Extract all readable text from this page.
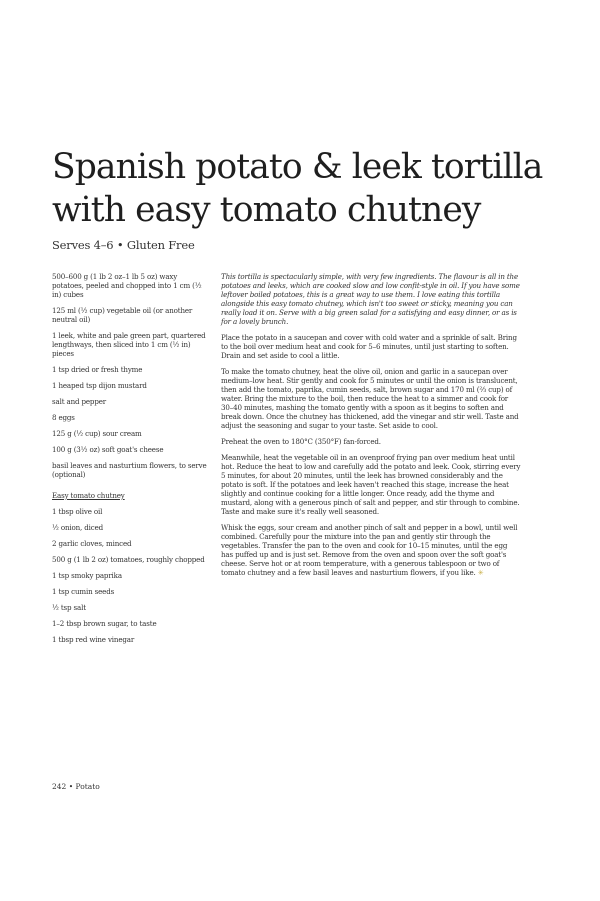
Spanish potato & leek tortilla
with easy tomato chutney
Serves 4–6 • Gluten Free

500–600 g (1 lb 2 oz–1 lb 5 oz) waxy potatoes, peeled and chopped into 1 cm (½ in) cubes

125 ml (½ cup) vegetable oil (or another neutral oil)

1 leek, white and pale green part, quartered lengthways, then sliced into 1 cm (½ in) pieces

1 tsp dried or fresh thyme

1 heaped tsp dijon mustard

salt and pepper

8 eggs

125 g (½ cup) sour cream

100 g (3½ oz) soft goat's cheese

basil leaves and nasturtium flowers, to serve (optional)

Easy tomato chutney

1 tbsp olive oil

½ onion, diced

2 garlic cloves, minced

500 g (1 lb 2 oz) tomatoes, roughly chopped

1 tsp smoky paprika

1 tsp cumin seeds

½ tsp salt

1–2 tbsp brown sugar, to taste

1 tbsp red wine vinegar

This tortilla is spectacularly simple, with very few ingredients. The flavour is all in the potatoes and leeks, which are cooked slow and low confit-style in oil. If you have some leftover boiled potatoes, this is a great way to use them. I love eating this tortilla alongside this easy tomato chutney, which isn't too sweet or sticky, meaning you can really load it on. Serve with a big green salad for a satisfying and easy dinner, or as is for a lovely brunch.

Place the potato in a saucepan and cover with cold water and a sprinkle of salt. Bring to the boil over medium heat and cook for 5–6 minutes, until just starting to soften. Drain and set aside to cool a little.

To make the tomato chutney, heat the olive oil, onion and garlic in a saucepan over medium–low heat. Stir gently and cook for 5 minutes or until the onion is translucent, then add the tomato, paprika, cumin seeds, salt, brown sugar and 170 ml (⅔ cup) of water. Bring the mixture to the boil, then reduce the heat to a simmer and cook for 30–40 minutes, mashing the tomato gently with a spoon as it begins to soften and break down. Once the chutney has thickened, add the vinegar and stir well. Taste and adjust the seasoning and sugar to your taste. Set aside to cool.

Preheat the oven to 180°C (350°F) fan-forced.

Meanwhile, heat the vegetable oil in an ovenproof frying pan over medium heat until hot. Reduce the heat to low and carefully add the potato and leek. Cook, stirring every 5 minutes, for about 20 minutes, until the leek has browned considerably and the potato is soft. If the potatoes and leek haven't reached this stage, increase the heat slightly and continue cooking for a little longer. Once ready, add the thyme and mustard, along with a generous pinch of salt and pepper, and stir through to combine. Taste and make sure it's really well seasoned.

Whisk the eggs, sour cream and another pinch of salt and pepper in a bowl, until well combined. Carefully pour the mixture into the pan and gently stir through the vegetables. Transfer the pan to the oven and cook for 10–15 minutes, until the egg has puffed up and is just set. Remove from the oven and spoon over the soft goat's cheese. Serve hot or at room temperature, with a generous tablespoon or two of tomato chutney and a few basil leaves and nasturtium flowers, if you like. ✳

242 • Potato
